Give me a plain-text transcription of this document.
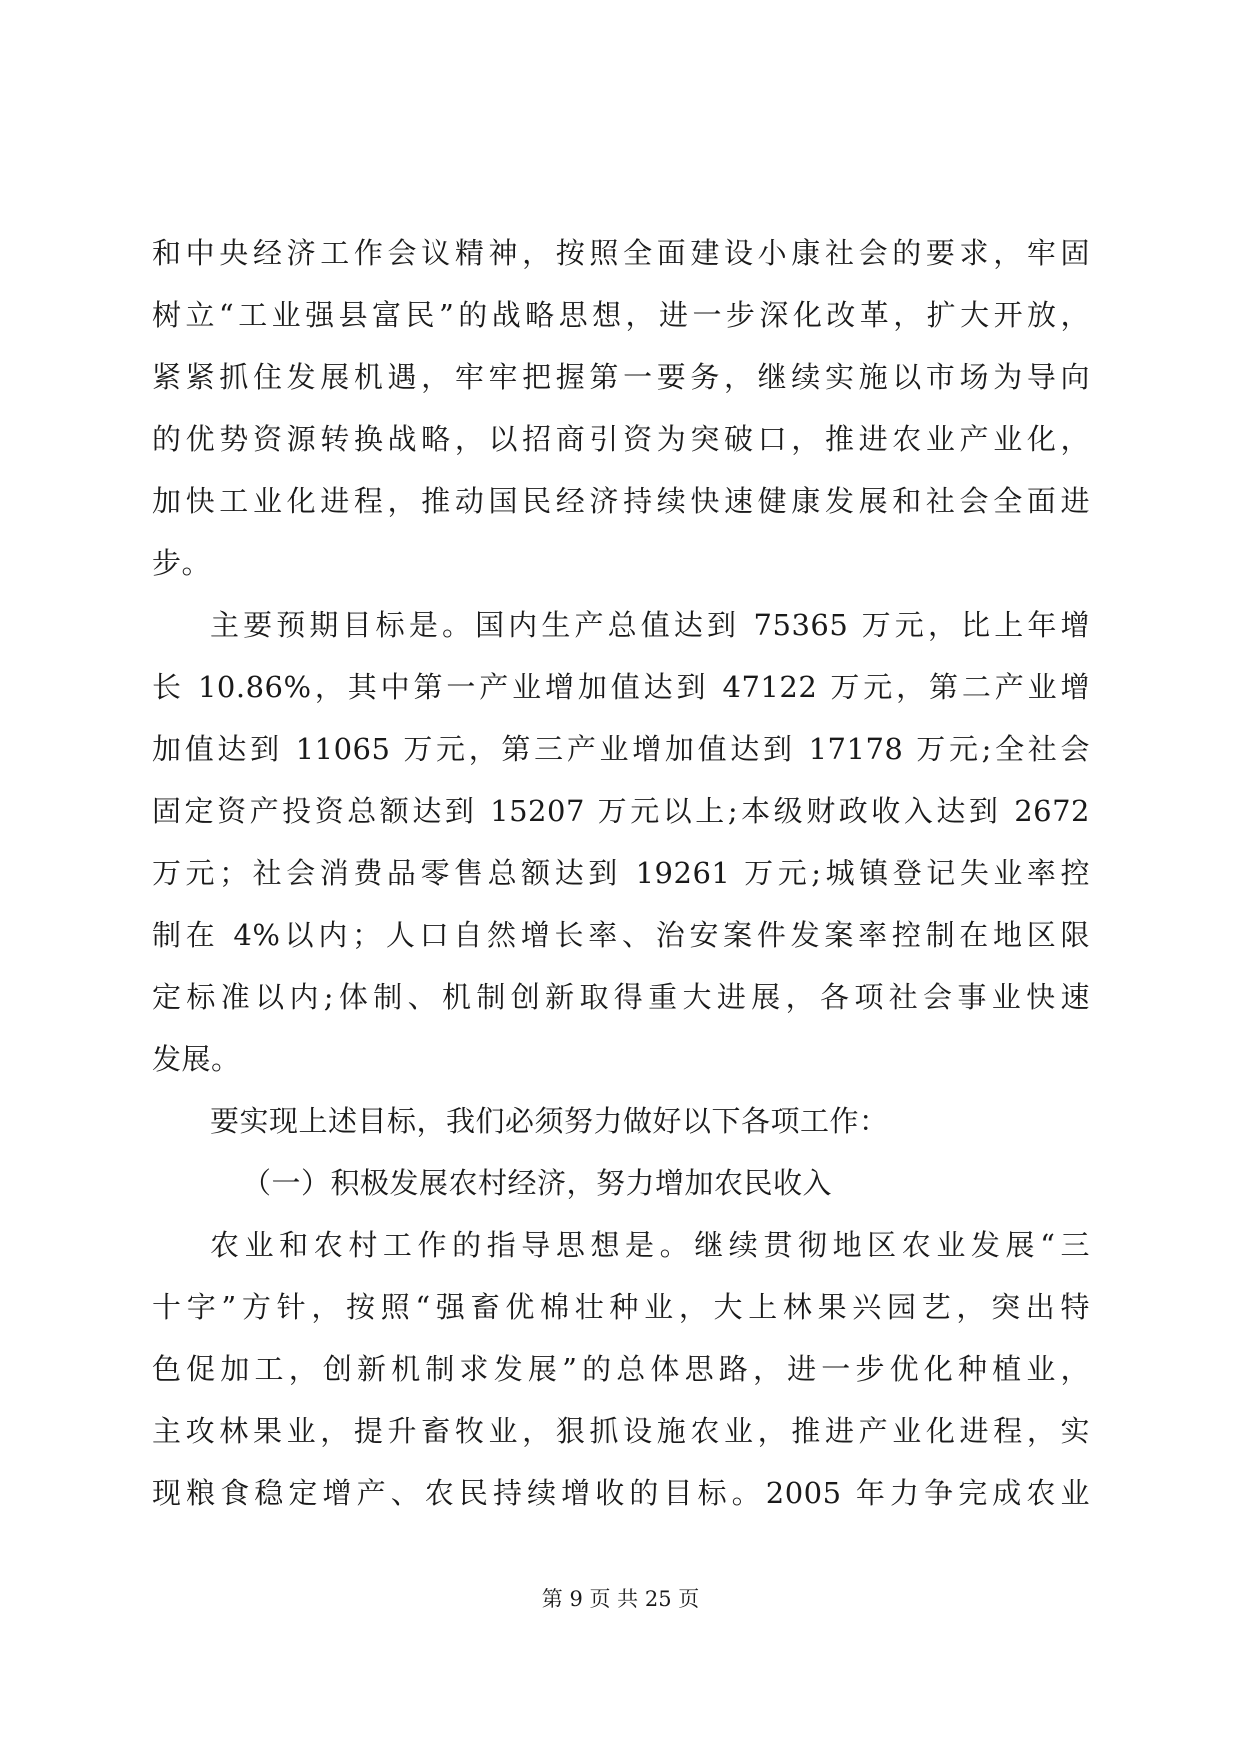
和中央经济工作会议精神，按照全面建设小康社会的要求，牢固
树立“工业强县富民”的战略思想，进一步深化改革，扩大开放，
紧紧抓住发展机遇，牢牢把握第一要务，继续实施以市场为导向
的优势资源转换战略，以招商引资为突破口，推进农业产业化，
加快工业化进程，推动国民经济持续快速健康发展和社会全面进
步。
主要预期目标是。国内生产总值达到 75365 万元，比上年增
长 10.86%，其中第一产业增加值达到 47122 万元，第二产业增
加值达到 11065 万元，第三产业增加值达到 17178 万元;全社会
固定资产投资总额达到 15207 万元以上;本级财政收入达到 2672
万元；社会消费品零售总额达到 19261 万元;城镇登记失业率控
制在 4%以内；人口自然增长率、治安案件发案率控制在地区限
定标准以内;体制、机制创新取得重大进展，各项社会事业快速
发展。
要实现上述目标，我们必须努力做好以下各项工作：
（一）积极发展农村经济，努力增加农民收入
农业和农村工作的指导思想是。继续贯彻地区农业发展“三
十字”方针，按照“强畜优棉壮种业，大上林果兴园艺，突出特
色促加工，创新机制求发展”的总体思路，进一步优化种植业，
主攻林果业，提升畜牧业，狠抓设施农业，推进产业化进程，实
现粮食稳定增产、农民持续增收的目标。2005 年力争完成农业
第 9 页 共 25 页
